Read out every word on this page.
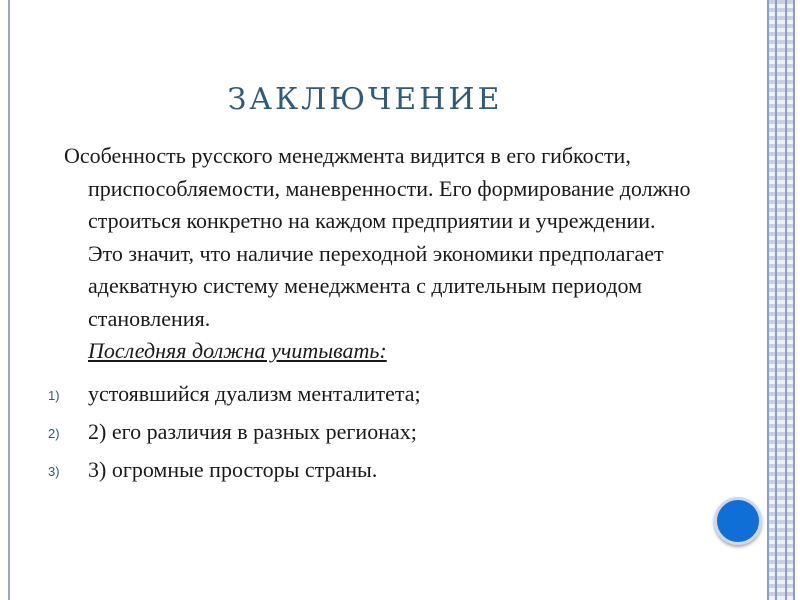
ЗАКЛЮЧЕНИЕ

Особенность русского менеджмента видится в его гибкости, приспособляемости, маневренности. Его формирование должно строиться конкретно на каждом предприятии и учреждении. Это значит, что наличие переходной экономики предполагает адекватную систему менеджмента с длительным периодом становления.

Последняя должна учитывать:

1) устоявшийся дуализм менталитета;
2) 2) его различия в разных регионах;
3) 3) огромные просторы страны.
